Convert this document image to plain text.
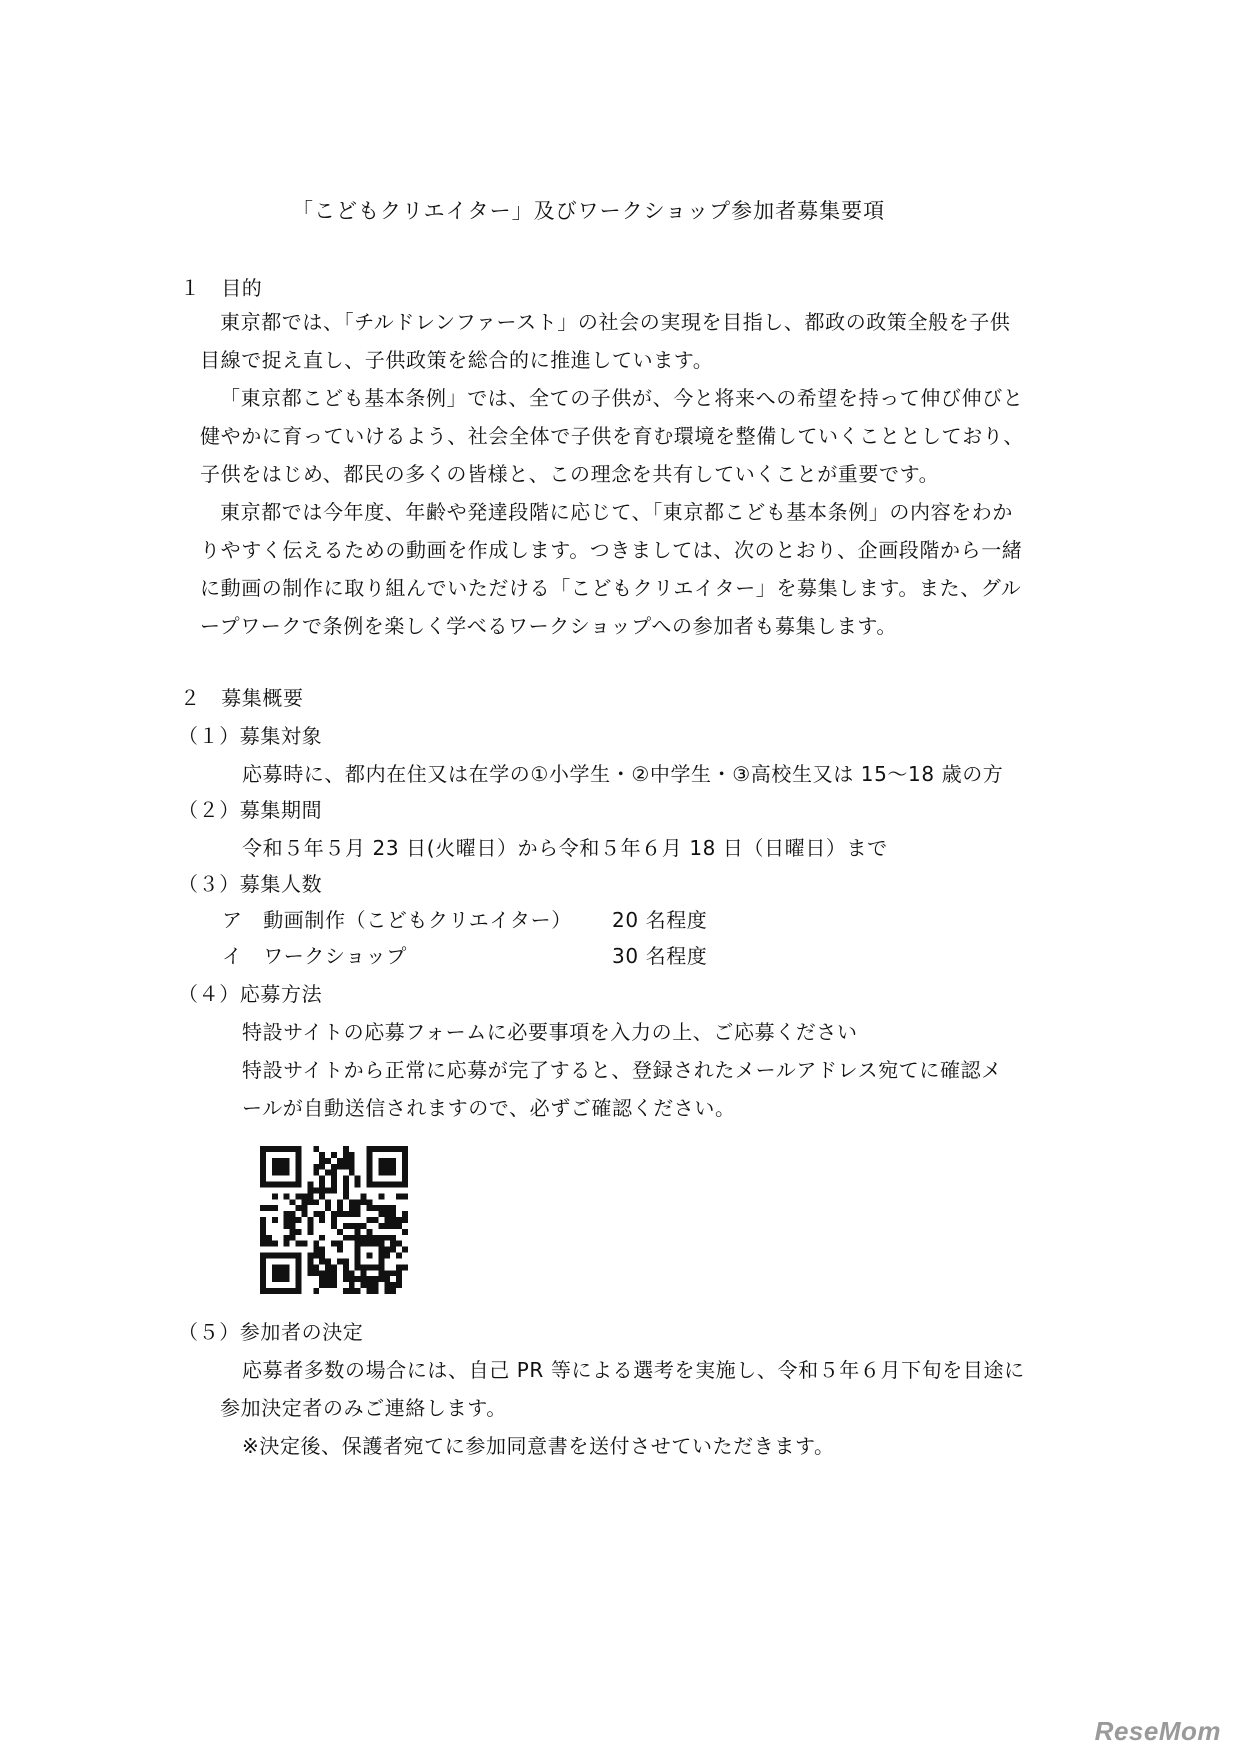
「こどもクリエイター」及びワークショップ参加者募集要項
１　目的
東京都では、「チルドレンファースト」の社会の実現を目指し、都政の政策全般を子供
目線で捉え直し、子供政策を総合的に推進しています。
「東京都こども基本条例」では、全ての子供が、今と将来への希望を持って伸び伸びと
健やかに育っていけるよう、社会全体で子供を育む環境を整備していくこととしており、
子供をはじめ、都民の多くの皆様と、この理念を共有していくことが重要です。
東京都では今年度、年齢や発達段階に応じて、「東京都こども基本条例」の内容をわか
りやすく伝えるための動画を作成します。つきましては、次のとおり、企画段階から一緒
に動画の制作に取り組んでいただける「こどもクリエイター」を募集します。また、グル
ープワークで条例を楽しく学べるワークショップへの参加者も募集します。
２　募集概要
（１）募集対象
応募時に、都内在住又は在学の①小学生・②中学生・③高校生又は 15～18 歳の方
（２）募集期間
令和５年５月 23 日(火曜日）から令和５年６月 18 日（日曜日）まで
（３）募集人数
ア　動画制作（こどもクリエイター） 20 名程度
イ　ワークショップ	30 名程度
（４）応募方法
特設サイトの応募フォームに必要事項を入力の上、ご応募ください
特設サイトから正常に応募が完了すると、登録されたメールアドレス宛てに確認メ
ールが自動送信されますので、必ずご確認ください。
（５）参加者の決定
応募者多数の場合には、自己 PR 等による選考を実施し、令和５年６月下旬を目途に
参加決定者のみご連絡します。
※決定後、保護者宛てに参加同意書を送付させていただきます。
ReseMom
